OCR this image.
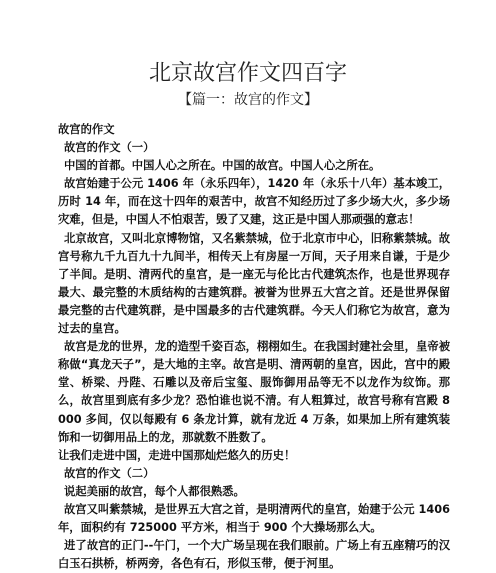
北京故宫作文四百字
【篇一：故宫的作文】

故宫的作文

故宫的作文（一）

中国的首都。中国人心之所在。中国的故宫。中国人心之所在。

故宫始建于公元 1406 年（永乐四年），1420 年（永乐十八年）基本竣工，历时 14 年，而在这十四年的艰苦中，故宫不知经历过了多少场大火，多少场灾难，但是，中国人不怕艰苦，毁了又建，这正是中国人那顽强的意志！

北京故宫，又叫北京博物馆，又名紫禁城，位于北京市中心，旧称紫禁城。故宫号称九千九百九十九间半，相传天上有房屋一万间，天子用来自谦，于是少了半间。是明、清两代的皇宫，是一座无与伦比古代建筑杰作，也是世界现存最大、最完整的木质结构的古建筑群。被誉为世界五大宫之首。还是世界保留最完整的古代建筑群，是中国最多的古代建筑群。今天人们称它为故宫，意为过去的皇宫。

故宫是龙的世界，龙的造型千姿百态，栩栩如生。在我国封建社会里，皇帝被称做“真龙天子”，是大地的主宰。故宫是明、清两朝的皇宫，因此，宫中的殿堂、桥梁、丹陛、石雕以及帝后宝玺、服饰御用品等无不以龙作为纹饰。那么，故宫里到底有多少龙？恐怕谁也说不清。有人粗算过，故宫号称有宫殿 8000 多间，仅以每殿有 6 条龙计算，就有龙近 4 万条，如果加上所有建筑装饰和一切御用品上的龙，那就数不胜数了。

让我们走进中国，走进中国那灿烂悠久的历史！

故宫的作文（二）

说起美丽的故宫，每个人都很熟悉。

故宫又叫紫禁城，是世界五大宫之首，是明清两代的皇宫，始建于公元 1406 年，面积约有 725000 平方米，相当于 900 个大操场那么大。

进了故宫的正门--午门，一个大广场呈现在我们眼前。广场上有五座精巧的汉白玉石拱桥，桥两旁，各色有石，形似玉带，便于河里。
